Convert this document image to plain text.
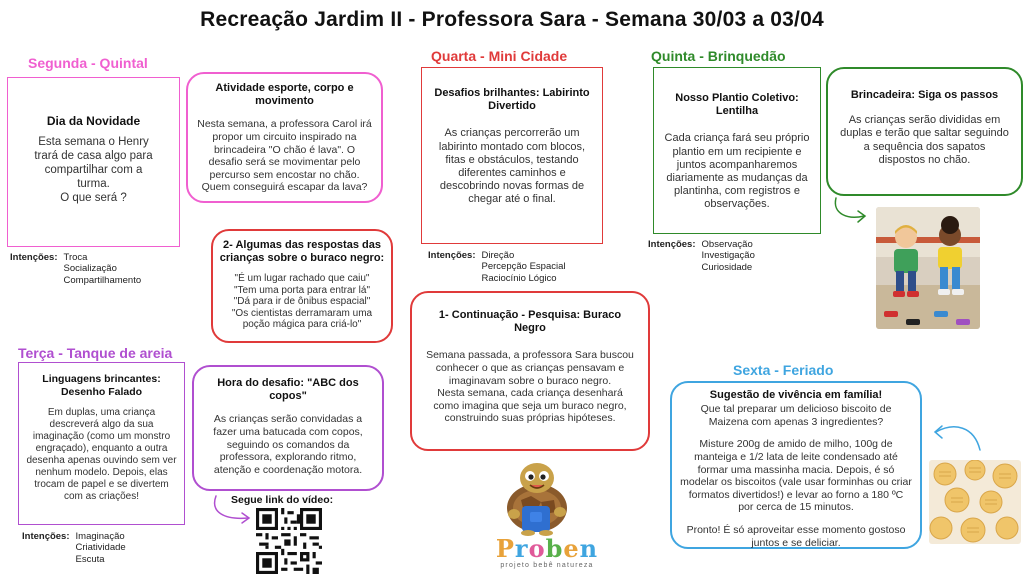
Recreação Jardim II - Professora Sara - Semana 30/03 a 03/04
Segunda - Quintal
Dia da Novidade

Esta semana o Henry
trará de casa algo para
compartilhar com a
turma.
O que será ?

Intenções: Troca
Socialização
Compartilhamento
Atividade esporte, corpo e movimento

Nesta semana, a professora Carol irá propor um circuito inspirado na brincadeira "O chão é lava". O desafio será se movimentar pelo percurso sem encostar no chão. Quem conseguirá escapar da lava?

Terça - Tanque de areia
Linguagens brincantes: Desenho Falado

Em duplas, uma criança descreverá algo da sua imaginação (como um monstro engraçado), enquanto a outra desenha apenas ouvindo sem ver nenhum modelo. Depois, elas trocam de papel e se divertem com as criações!

Intenções: Imaginação
Criatividade
Escuta
Hora do desafio: "ABC dos copos"

As crianças serão convidadas a fazer uma batucada com copos, seguindo os comandos da professora, explorando ritmo, atenção e coordenação motora.

Segue link do vídeo:
Quarta - Mini Cidade
Desafios brilhantes: Labirinto Divertido

As crianças percorrerão um labirinto montado com blocos, fitas e obstáculos, testando diferentes caminhos e descobrindo novas formas de chegar até o final.

Intenções: Direção
Percepção Espacial
Raciocínio Lógico
2- Algumas das respostas das crianças sobre o buraco negro:
"É um lugar rachado que caiu"
"Tem uma porta para entrar lá"
"Dá para ir de ônibus espacial"
"Os cientistas derramaram uma poção mágica para criá-lo"
1- Continuação - Pesquisa: Buraco Negro

Semana passada, a professora Sara buscou conhecer o que as crianças pensavam e imaginavam sobre o buraco negro.
Nesta semana, cada criança desenhará como imagina que seja um buraco negro, construindo suas próprias hipóteses.

Proben
projeto bebê natureza
Quinta - Brinquedão
Nosso Plantio Coletivo: Lentilha

Cada criança fará seu próprio plantio em um recipiente e juntos acompanharemos diariamente as mudanças da plantinha, com registros e observações.

Intenções: Observação
Investigação
Curiosidade
Brincadeira: Siga os passos

As crianças serão divididas em duplas e terão que saltar seguindo a sequência dos sapatos dispostos no chão.

Sexta - Feriado
Sugestão de vivência em família!

Que tal preparar um delicioso biscoito de Maizena com apenas 3 ingredientes?

Misture 200g de amido de milho, 100g de manteiga e 1/2 lata de leite condensado até formar uma massinha macia. Depois, é só modelar os biscoitos (vale usar forminhas ou criar formatos divertidos!) e levar ao forno a 180 ºC por cerca de 15 minutos.

Pronto! É só aproveitar esse momento gostoso juntos e se deliciar.
